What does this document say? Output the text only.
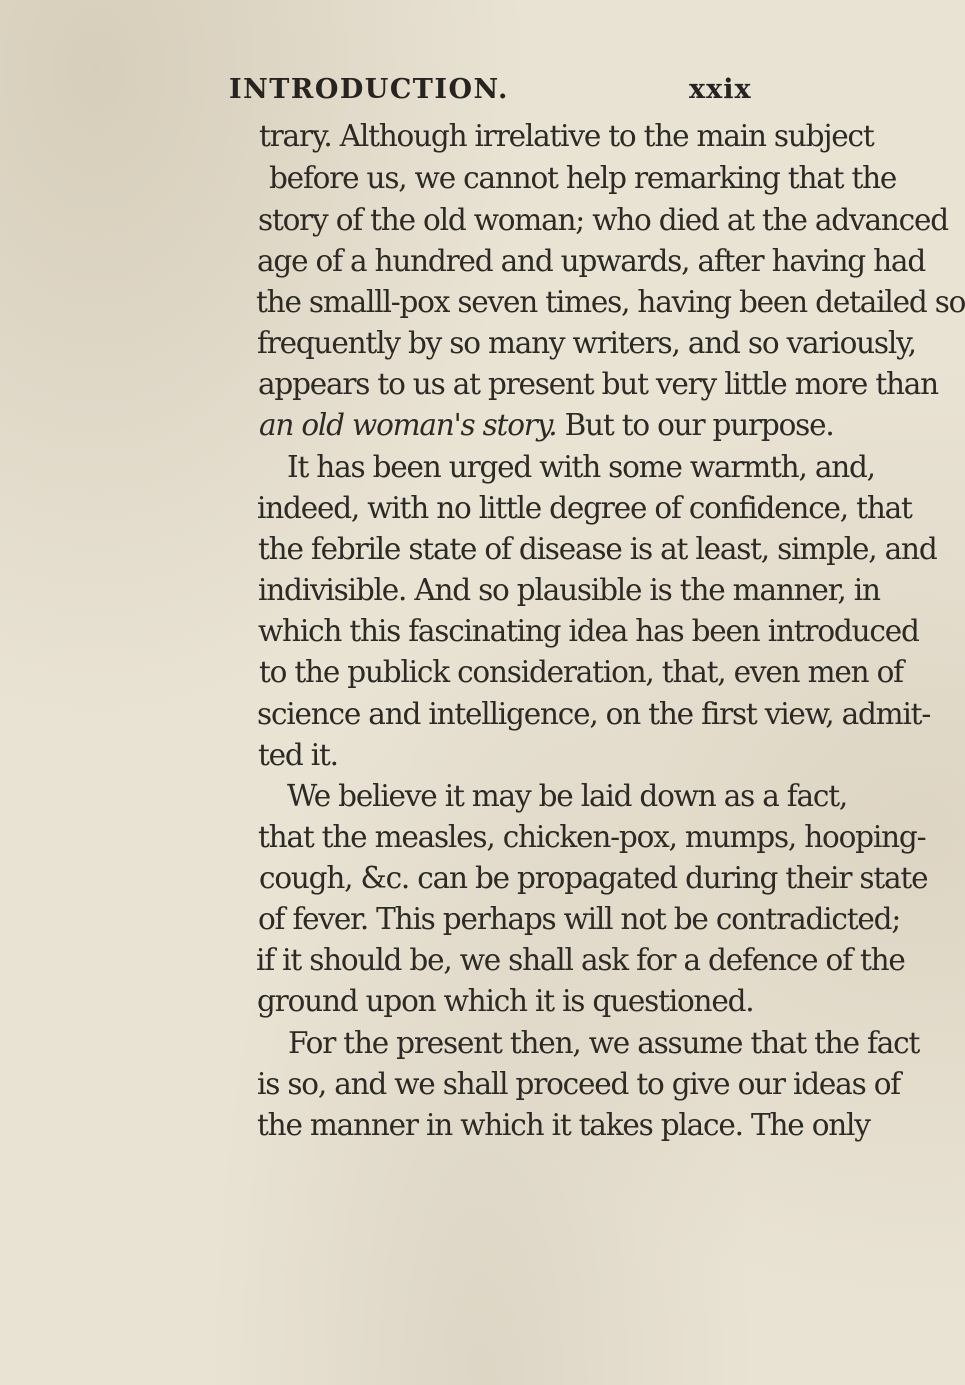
INTRODUCTION.	xxix
trary. Although irrelative to the main subject
before us, we cannot help remarking that the
story of the old woman; who died at the advanced
age of a hundred and upwards, after having had
the smalll-pox seven times, having been detailed so
frequently by so many writers, and so variously,
appears to us at present but very little more than
an old woman's story. But to our purpose.
It has been urged with some warmth, and,
indeed, with no little degree of confidence, that
the febrile state of disease is at least, simple, and
indivisible. And so plausible is the manner, in
which this fascinating idea has been introduced
to the publick consideration, that, even men of
science and intelligence, on the first view, admit-
ted it.
We believe it may be laid down as a fact,
that the measles, chicken-pox, mumps, hooping-
cough, &c. can be propagated during their state
of fever. This perhaps will not be contradicted;
if it should be, we shall ask for a defence of the
ground upon which it is questioned.
For the present then, we assume that the fact
is so, and we shall proceed to give our ideas of
the manner in which it takes place. The only
